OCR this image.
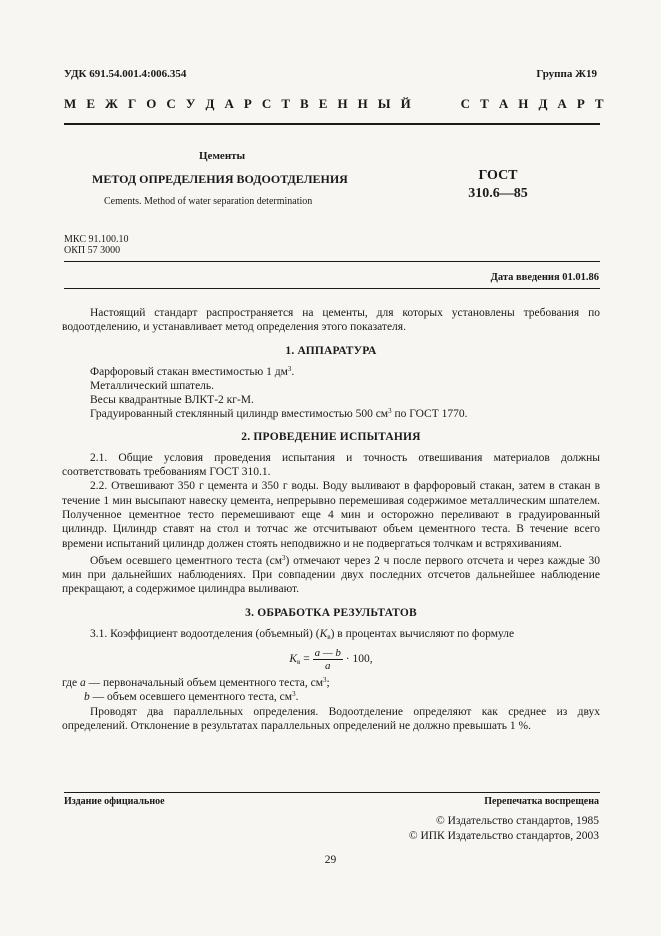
УДК 691.54.001.4:006.354	Группа Ж19
М Е Ж Г О С У Д А Р С Т В Е Н Н Ы Й       С Т А Н Д А Р Т
Цементы
МЕТОД ОПРЕДЕЛЕНИЯ ВОДООТДЕЛЕНИЯ
Cements. Method of water separation determination
ГОСТ
310.6—85
МКС 91.100.10
ОКП 57 3000
Дата введения 01.01.86
Настоящий стандарт распространяется на цементы, для которых установлены требования по водоотделению, и устанавливает метод определения этого показателя.
1. АППАРАТУРА
Фарфоровый стакан вместимостью 1 $дм^3$.
Металлический шпатель.
Весы квадрантные ВЛКТ-2 кг-М.
Градуированный стеклянный цилиндр вместимостью 500 $см^3$ по ГОСТ 1770.
2. ПРОВЕДЕНИЕ ИСПЫТАНИЯ
2.1. Общие условия проведения испытания и точность отвешивания материалов должны соответствовать требованиям ГОСТ 310.1.
2.2. Отвешивают 350 г цемента и 350 г воды. Воду выливают в фарфоровый стакан, затем в стакан в течение 1 мин высыпают навеску цемента, непрерывно перемешивая содержимое металлическим шпателем. Полученное цементное тесто перемешивают еще 4 мин и осторожно переливают в градуированный цилиндр. Цилиндр ставят на стол и тотчас же отсчитывают объем цементного теста. В течение всего времени испытаний цилиндр должен стоять неподвижно и не подвергаться толчкам и встряхиваниям.
Объем осевшего цементного теста $(см^3)$ отмечают через 2 ч после первого отсчета и через каждые 30 мин при дальнейших наблюдениях. При совпадении двух последних отсчетов дальнейшее наблюдение прекращают, а содержимое цилиндра выливают.
3. ОБРАБОТКА РЕЗУЛЬТАТОВ
3.1. Коэффициент водоотделения (объемный) $(K_в)$ в процентах вычисляют по формуле
$K_в = \frac{a — b}{a} \cdot 100$,
где a — первоначальный объем цементного теста, $см^3$;
b — объем осевшего цементного теста, $см^3$.
Проводят два параллельных определения. Водоотделение определяют как среднее из двух определений. Отклонение в результатах параллельных определений не должно превышать 1 %.
Издание официальное	Перепечатка воспрещена
© Издательство стандартов, 1985
© ИПК Издательство стандартов, 2003
29
